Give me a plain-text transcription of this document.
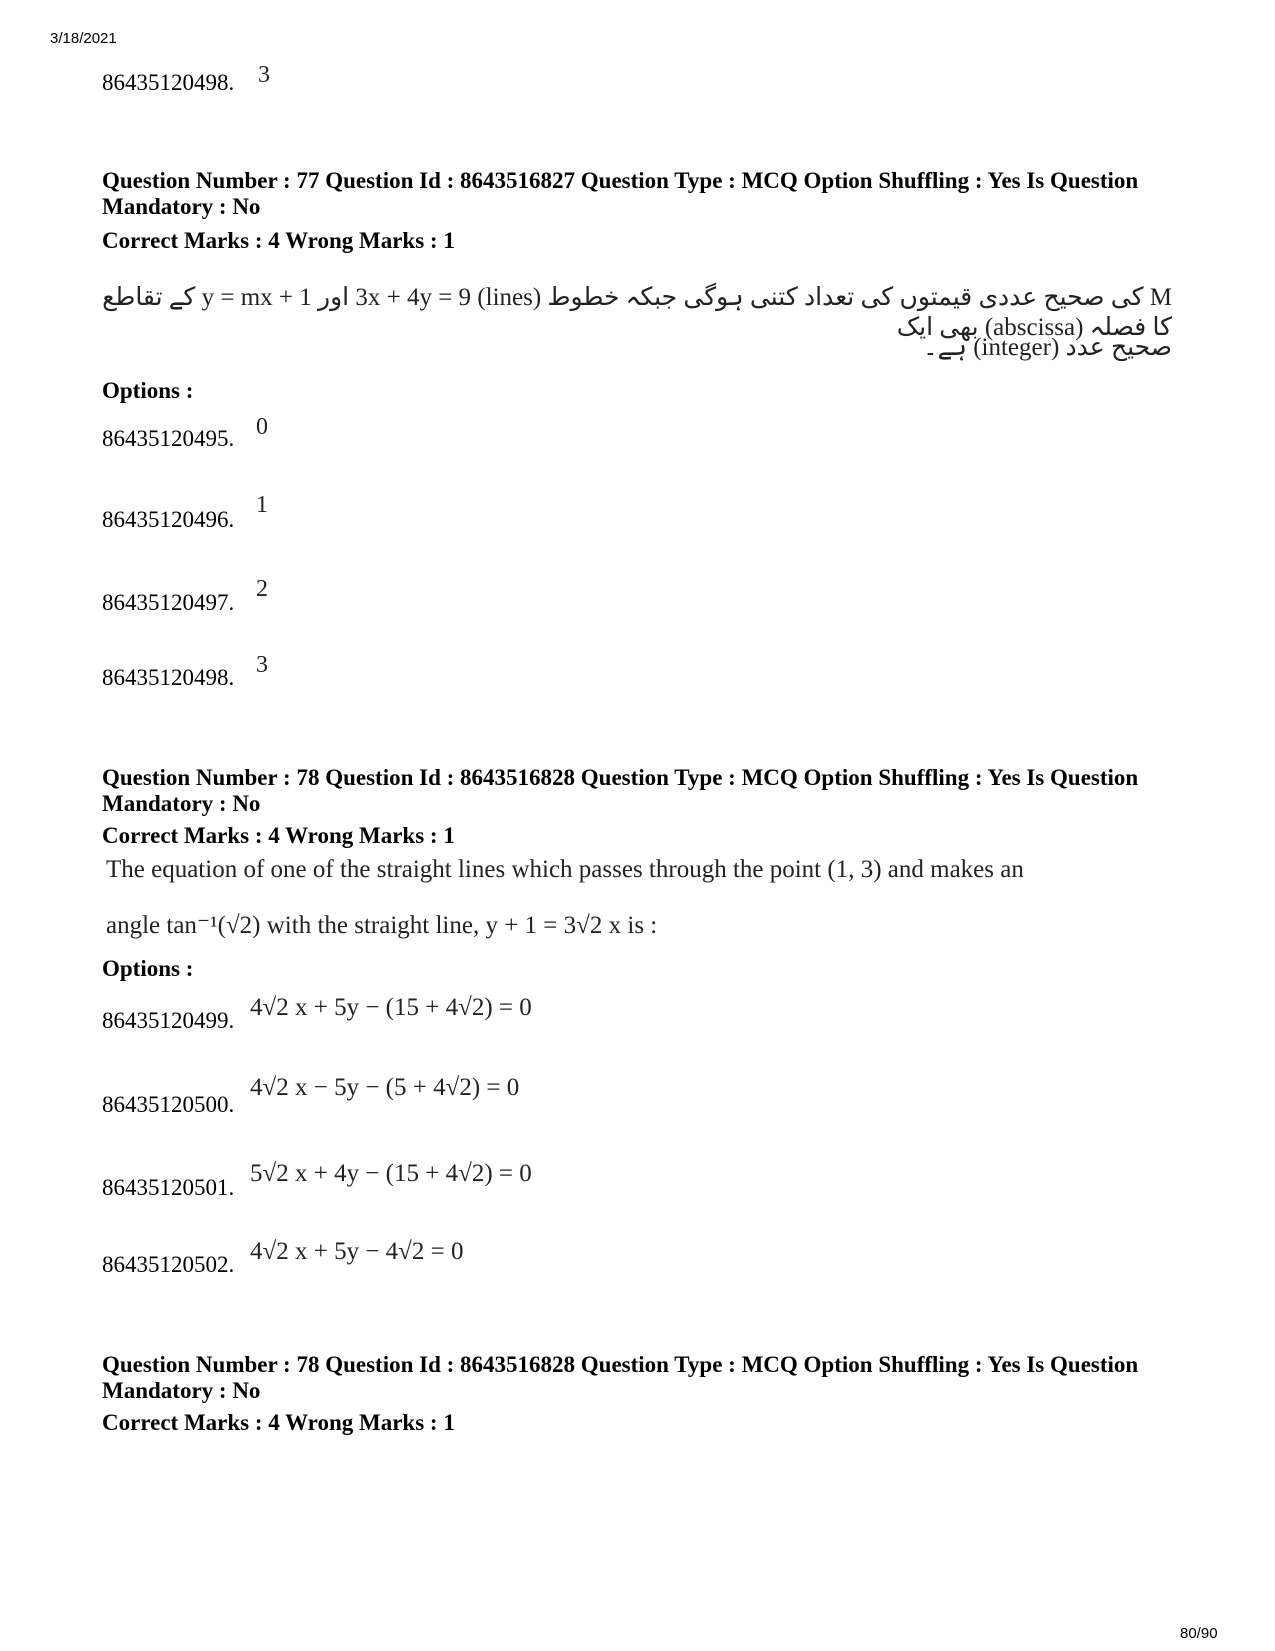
3/18/2021
86435120498. 3
Question Number : 77 Question Id : 8643516827 Question Type : MCQ Option Shuffling : Yes Is Question Mandatory : No
Correct Marks : 4 Wrong Marks : 1
M کی صحیح عددی قیمتوں کی تعداد کتنی ہوگی جبکہ خطوط (lines) 3x + 4y = 9 اور y = mx + 1 کے تقاطع کا فصلہ (abscissa) بھی ایک
صحیح عدد (integer) ہے۔
Options :
86435120495. 0
86435120496.
1
86435120497.
2
86435120498. 3
Question Number : 78 Question Id : 8643516828 Question Type : MCQ Option Shuffling : Yes Is Question Mandatory : No
Correct Marks : 4 Wrong Marks : 1
The equation of one of the straight lines which passes through the point (1, 3) and makes an
angle tan⁻¹(√2) with the straight line, y + 1 = 3√2 x is :
Options :
86435120499. 4√2 x + 5y − (15 + 4√2) = 0
86435120500.
4√2 x − 5y − (5 + 4√2) = 0
86435120501.
5√2 x + 4y − (15 + 4√2) = 0
86435120502. 4√2 x + 5y − 4√2 = 0
Question Number : 78 Question Id : 8643516828 Question Type : MCQ Option Shuffling : Yes Is Question Mandatory : No
Correct Marks : 4 Wrong Marks : 1
80/90
